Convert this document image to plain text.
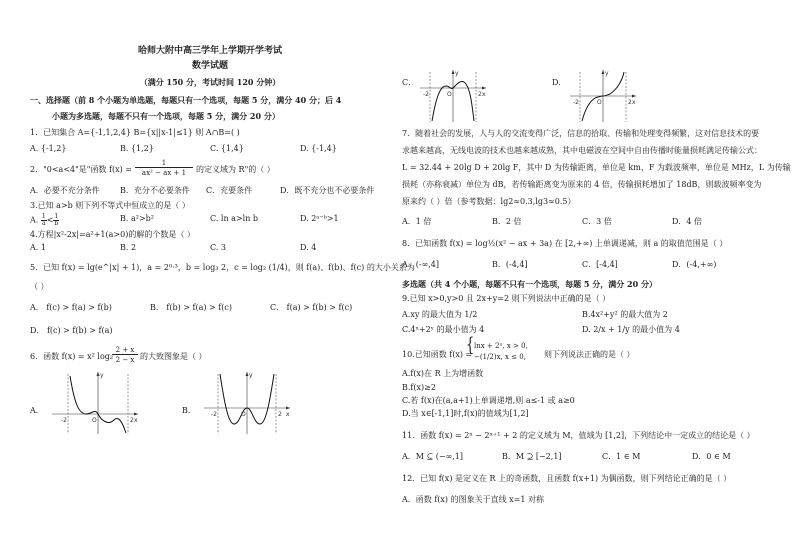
哈师大附中高三学年上学期开学考试
数学试题
（满分 150 分，考试时间 120 分钟）
一、选择题（前 8 个小题为单选题，每题只有一个选项，每题 5 分，满分 40 分；后 4
小题为多选题，每题不只有一个选项，每题 5 分，满分 20 分）
1．已知集合 A={-1,1,2,4} B={x||x-1|≤1} 则 A∩B=( )
A. {-1,2}	B. {1,2}	C. {1,4}	D. {-1,4}
2．"0<a<4"是"函数 f(x) =
1
ax² − ax + 1	的定义域为 R"的（ ）
A．必要不充分条件	B．充分不必要条件 C．充要条件	D．既不充分也不必要条件
3.已知 a>b 则下列不等式中恒成立的是（ ）
A. $\frac{1}{a} < \frac{1}{b}$	B. a²>b²	C. ln a>ln b	D. 2ᵃ⁻ᵇ>1
4.方程|x²-2x|=a²+1(a>0)的解的个数是（ ）
A. 1	B. 2	C. 3	D. 4
5．已知 f(x) = lg(e^|x| + 1)，a = 2⁰·³，b = log₃ 2，c = log₂ (1/4)，则 f(a)、f(b)、f(c) 的大小关系为
（ ）
A． f(c) > f(a) > f(b)	B． f(b) > f(a) > f(c)	C． f(a) > f(b) > f(c)
D． f(c) > f(b) > f(a)
6．函数 f(x) = x² log₂
2 + x
2 − x 的大致图象是（ ）
A．
y
x
O
-2	2
B．
y
x
O
-2	2
C．
y
x
O
-2	2
D．
y
x
O
-2	2
7．随着社会的发展，人与人的交流变得广泛，信息的拾取、传输和处理变得频繁，这对信息技术的要
求越来越高，无线电波的技术也越来越成熟，其中电磁波在空间中自由传播时能量损耗满足传输公式：
L = 32.44 + 20lg D + 20lg F，其中 D 为传输距离，单位是 km，F 为载波频率，单位是 MHz，L 为传输
损耗（亦称衰减）单位为 dB，若传输距离变为原来的 4 倍，传输损耗增加了 18dB，则载波频率变为
原来约（ ）倍（参考数据：lg2≈0.3,lg3≈0.5）
A．1 倍	B．2 倍	C．3 倍	D．4 倍
8．已知函数 f(x) = log½(x² − ax + 3a) 在 [2,+∞) 上单调递减，则 a 的取值范围是（ ）
A．(-∞,4]	B．(-4,4]	C．[-4,4]	D．(-4,+∞)
多选题（共 4 个小题，每题不只有一个选项，每题 5 分，满分 20 分）
9.已知 x>0,y>0 且 2x+y=2 则下列说法中正确的是（ ）
A.xy 的最大值为 1/2	B.4x²+y² 的最大值为 2
C.4ˣ+2ʸ 的最小值为 4	D. 2/x + 1/y 的最小值为 4
10.已知函数 f(x) =
{ lnx + 2ˣ, x > 0,
−(1/2)x, x ≤ 0, 则下列说法正确的是（ ）
A.f(x)在 R 上为增函数
B.f(x)≥2
C.若 f(x)在(a,a+1)上单调递增,则 a≤-1 或 a≥0
D.当 x∈[-1,1]时,f(x)的值域为[1,2]
11．函数 f(x) = 2ˣ − 2ˣ⁺¹ + 2 的定义域为 M，值域为 [1,2]，下列结论中一定成立的结论是（ ）
A．M ⊆ (−∞,1]	B．M ⊇ [−2,1]	C．1 ∈ M	D．0 ∈ M
12．已知 f(x) 是定义在 R 上的奇函数，且函数 f(x+1) 为偶函数，则下列结论正确的是（ ）
A．函数 f(x) 的图象关于直线 x=1 对称
